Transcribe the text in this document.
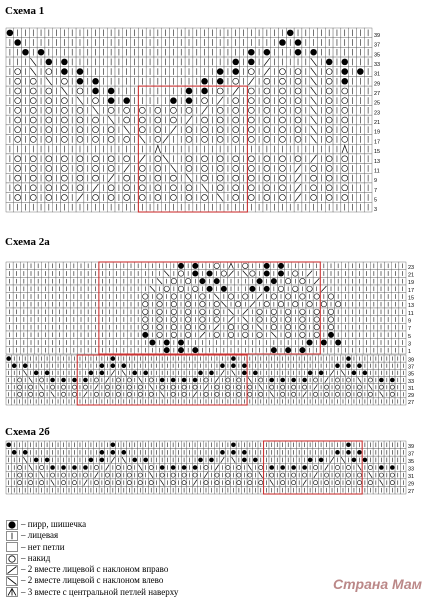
Схема 1
39
37
35
33
31
29
27
25
23
21
19
17
15
13
11
9
7
5
3
Схема 2а
23
21
19
17
15
13
11
9
7
5
3
1
39
37
35
33
31
29
27
Схема 2б
39
37
35
33
31
29
27
– пирр, шишечка
– лицевая
– нет петли
– накид
– 2 вместе лицевой с наклоном вправо
– 2 вместе лицевой с наклоном влево
– 3 вместе с центральной петлей наверху	Страна Мам
